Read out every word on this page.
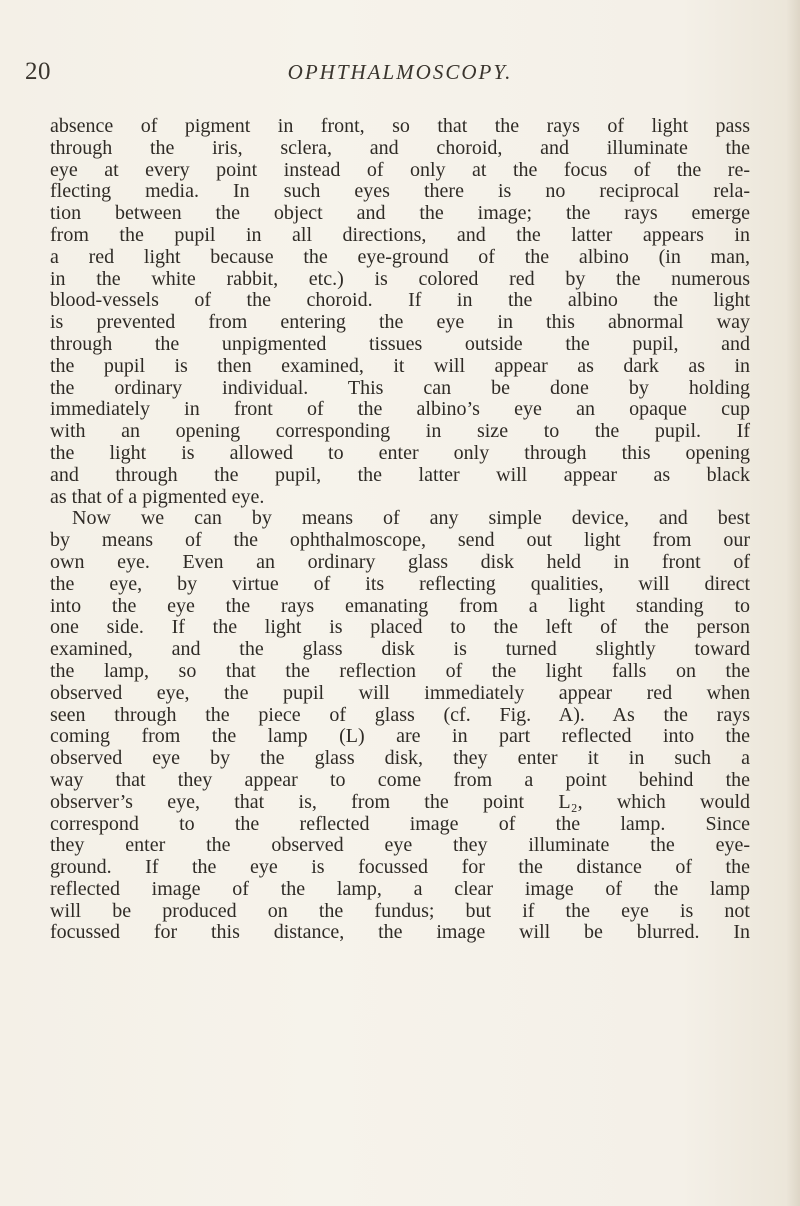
20	OPHTHALMOSCOPY.
absence of pigment in front, so that the rays of light pass
through the iris, sclera, and choroid, and illuminate the
eye at every point instead of only at the focus of the re-
flecting media. In such eyes there is no reciprocal rela-
tion between the object and the image; the rays emerge
from the pupil in all directions, and the latter appears in
a red light because the eye-ground of the albino (in man,
in the white rabbit, etc.) is colored red by the numerous
blood-vessels of the choroid. If in the albino the light
is prevented from entering the eye in this abnormal way
through the unpigmented tissues outside the pupil, and
the pupil is then examined, it will appear as dark as in
the ordinary individual. This can be done by holding
immediately in front of the albino’s eye an opaque cup
with an opening corresponding in size to the pupil. If
the light is allowed to enter only through this opening
and through the pupil, the latter will appear as black
as that of a pigmented eye.
Now we can by means of any simple device, and best
by means of the ophthalmoscope, send out light from our
own eye. Even an ordinary glass disk held in front of
the eye, by virtue of its reflecting qualities, will direct
into the eye the rays emanating from a light standing to
one side. If the light is placed to the left of the person
examined, and the glass disk is turned slightly toward
the lamp, so that the reflection of the light falls on the
observed eye, the pupil will immediately appear red when
seen through the piece of glass (cf. Fig. A). As the rays
coming from the lamp (L) are in part reflected into the
observed eye by the glass disk, they enter it in such a
way that they appear to come from a point behind the
observer’s eye, that is, from the point L₂, which would
correspond to the reflected image of the lamp. Since
they enter the observed eye they illuminate the eye-
ground. If the eye is focussed for the distance of the
reflected image of the lamp, a clear image of the lamp
will be produced on the fundus; but if the eye is not
focussed for this distance, the image will be blurred. In
